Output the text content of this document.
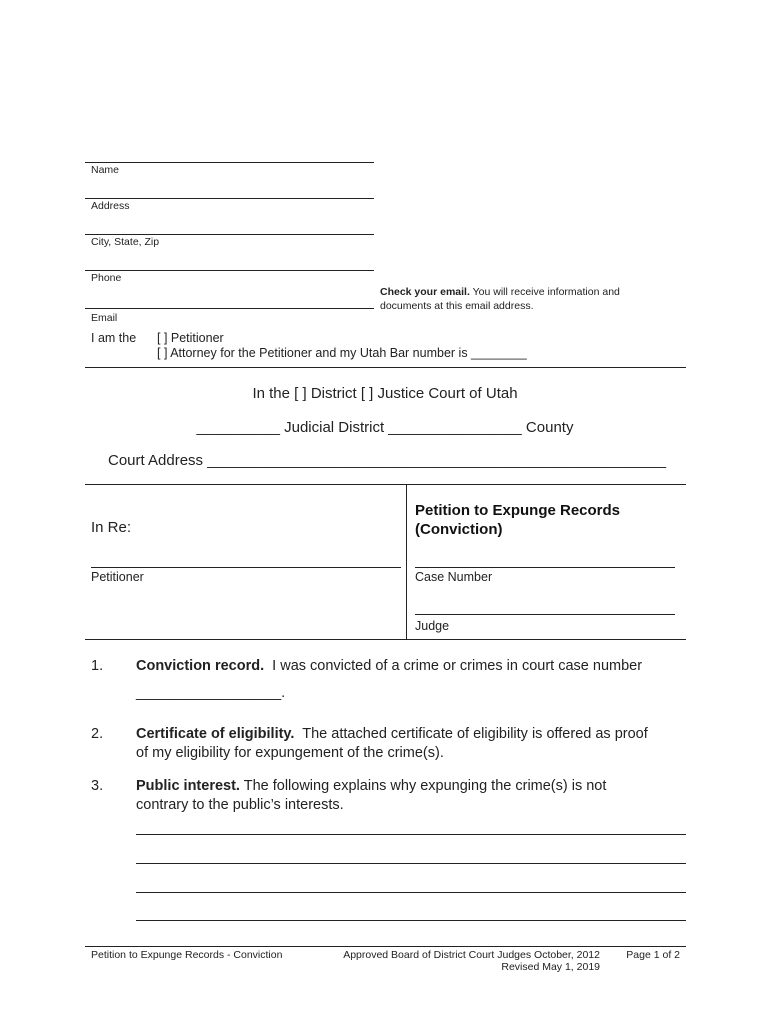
Name
Address
City, State, Zip
Phone
Email
Check your email. You will receive information and
documents at this email address.
I am the [ ] Petitioner
[ ] Attorney for the Petitioner and my Utah Bar number is ________
In the [ ] District [ ] Justice Court of Utah
__________ Judicial District ________________ County
Court Address _______________________________________________________
In Re:
Petitioner
Petition to Expunge Records
(Conviction)
Case Number
Judge
1. Conviction record.  I was convicted of a crime or crimes in court case number
__________________.
2. Certificate of eligibility.  The attached certificate of eligibility is offered as proof
of my eligibility for expungement of the crime(s).
3. Public interest. The following explains why expunging the crime(s) is not
contrary to the public’s interests.
Petition to Expunge Records - Conviction	Approved Board of District Court Judges October, 2012
Revised May 1, 2019
Page 1 of 2
